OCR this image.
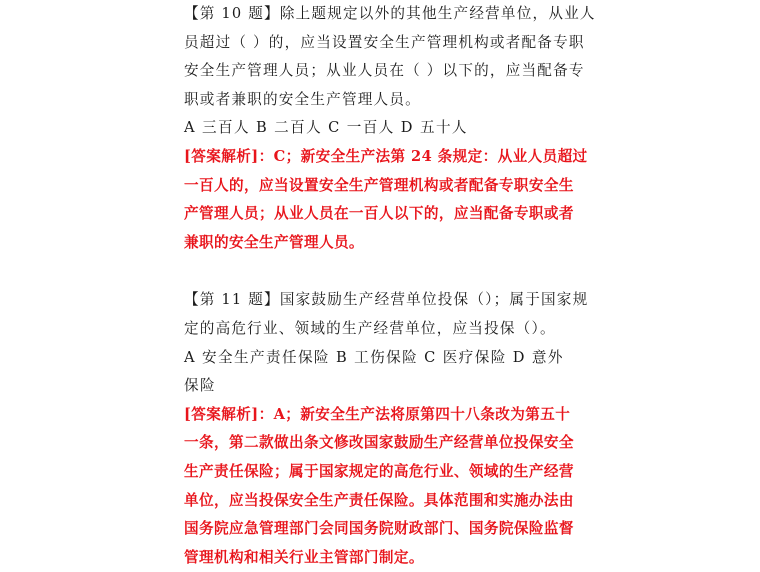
【第 10 题】除上题规定以外的其他生产经营单位，从业人
员超过（ ）的，应当设置安全生产管理机构或者配备专职
安全生产管理人员；从业人员在（ ）以下的，应当配备专
职或者兼职的安全生产管理人员。
A 三百人 B 二百人 C 一百人 D 五十人
[答案解析]：C；新安全生产法第 24 条规定：从业人员超过
一百人的，应当设置安全生产管理机构或者配备专职安全生
产管理人员；从业人员在一百人以下的，应当配备专职或者
兼职的安全生产管理人员。
【第 11 题】国家鼓励生产经营单位投保（）；属于国家规
定的高危行业、领域的生产经营单位，应当投保（）。
A 安全生产责任保险 B 工伤保险 C 医疗保险 D 意外
保险
[答案解析]：A；新安全生产法将原第四十八条改为第五十
一条，第二款做出条文修改国家鼓励生产经营单位投保安全
生产责任保险；属于国家规定的高危行业、领域的生产经营
单位，应当投保安全生产责任保险。具体范围和实施办法由
国务院应急管理部门会同国务院财政部门、国务院保险监督
管理机构和相关行业主管部门制定。
